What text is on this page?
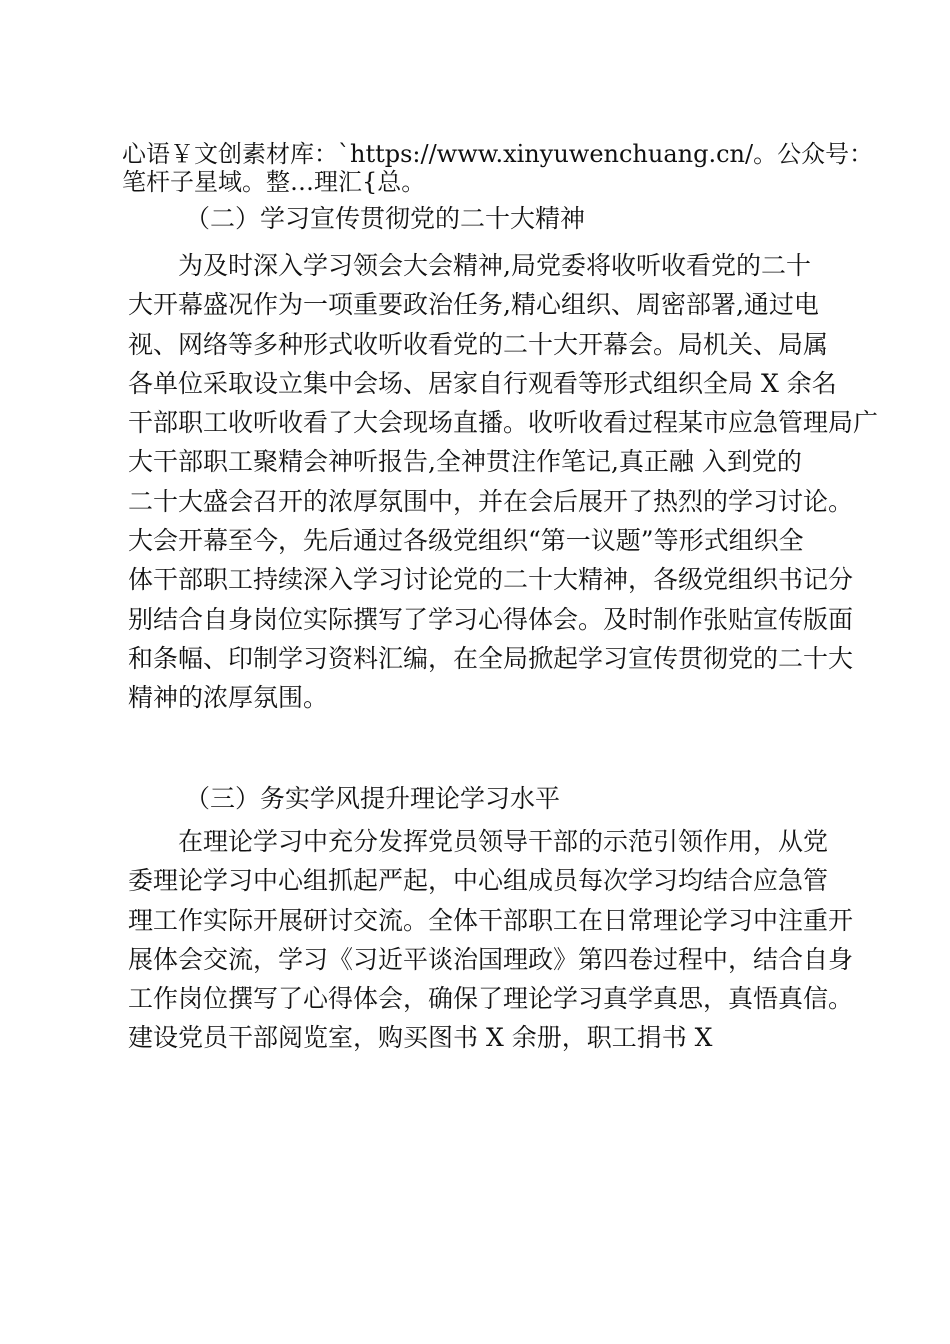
心语￥文创素材库：`https://www.xinyuwenchuang.cn/。公众号：
笔杆子星域。整…理汇{总。
（二）学习宣传贯彻党的二十大精神
为及时深入学习领会大会精神,局党委将收听收看党的二十
大开幕盛况作为一项重要政治任务,精心组织、周密部署,通过电
视、网络等多种形式收听收看党的二十大开幕会。局机关、局属
各单位采取设立集中会场、居家自行观看等形式组织全局 X 余名
干部职工收听收看了大会现场直播。收听收看过程某市应急管理局广
大干部职工聚精会神听报告,全神贯注作笔记,真正融 入到党的
二十大盛会召开的浓厚氛围中，并在会后展开了热烈的学习讨论。
大会开幕至今，先后通过各级党组织“第一议题”等形式组织全
体干部职工持续深入学习讨论党的二十大精神，各级党组织书记分
别结合自身岗位实际撰写了学习心得体会。及时制作张贴宣传版面
和条幅、印制学习资料汇编，在全局掀起学习宣传贯彻党的二十大
精神的浓厚氛围。
（三）务实学风提升理论学习水平
在理论学习中充分发挥党员领导干部的示范引领作用，从党
委理论学习中心组抓起严起，中心组成员每次学习均结合应急管
理工作实际开展研讨交流。全体干部职工在日常理论学习中注重开
展体会交流，学习《习近平谈治国理政》第四卷过程中，结合自身
工作岗位撰写了心得体会，确保了理论学习真学真思，真悟真信。
建设党员干部阅览室，购买图书 X 余册，职工捐书 X
